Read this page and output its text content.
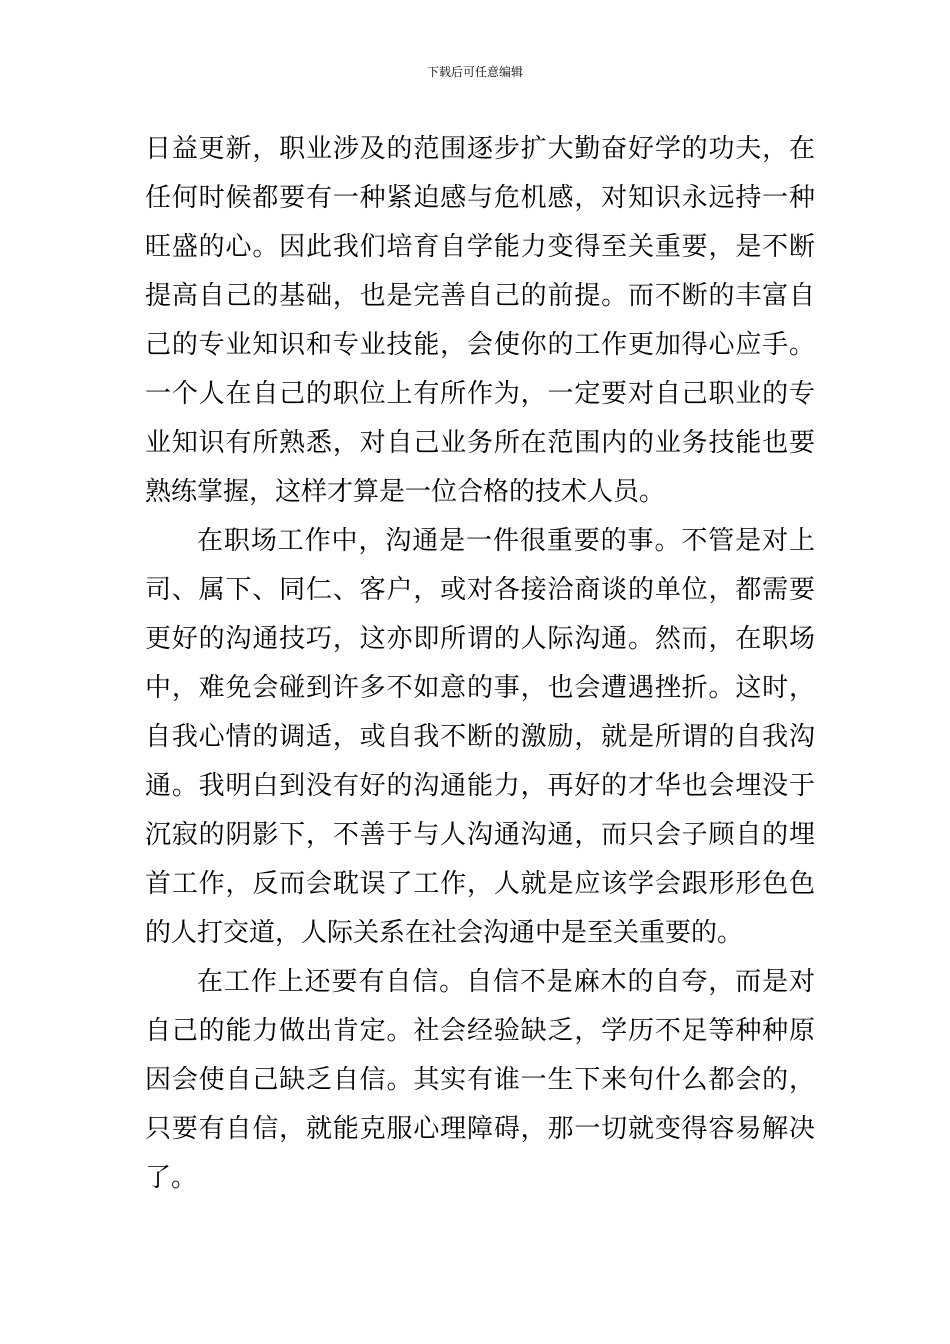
下载后可任意编辑

日益更新，职业涉及的范围逐步扩大勤奋好学的功夫，在任何时候都要有一种紧迫感与危机感，对知识永远持一种旺盛的心。因此我们培育自学能力变得至关重要，是不断提高自己的基础，也是完善自己的前提。而不断的丰富自己的专业知识和专业技能，会使你的工作更加得心应手。一个人在自己的职位上有所作为，一定要对自己职业的专业知识有所熟悉，对自己业务所在范围内的业务技能也要熟练掌握，这样才算是一位合格的技术人员。

在职场工作中，沟通是一件很重要的事。不管是对上司、属下、同仁、客户，或对各接洽商谈的单位，都需要更好的沟通技巧，这亦即所谓的人际沟通。然而，在职场中，难免会碰到许多不如意的事，也会遭遇挫折。这时，自我心情的调适，或自我不断的激励，就是所谓的自我沟通。我明白到没有好的沟通能力，再好的才华也会埋没于沉寂的阴影下，不善于与人沟通沟通，而只会子顾自的埋首工作，反而会耽误了工作，人就是应该学会跟形形色色的人打交道，人际关系在社会沟通中是至关重要的。

在工作上还要有自信。自信不是麻木的自夸，而是对自己的能力做出肯定。社会经验缺乏，学历不足等种种原因会使自己缺乏自信。其实有谁一生下来句什么都会的，只要有自信，就能克服心理障碍，那一切就变得容易解决了。
